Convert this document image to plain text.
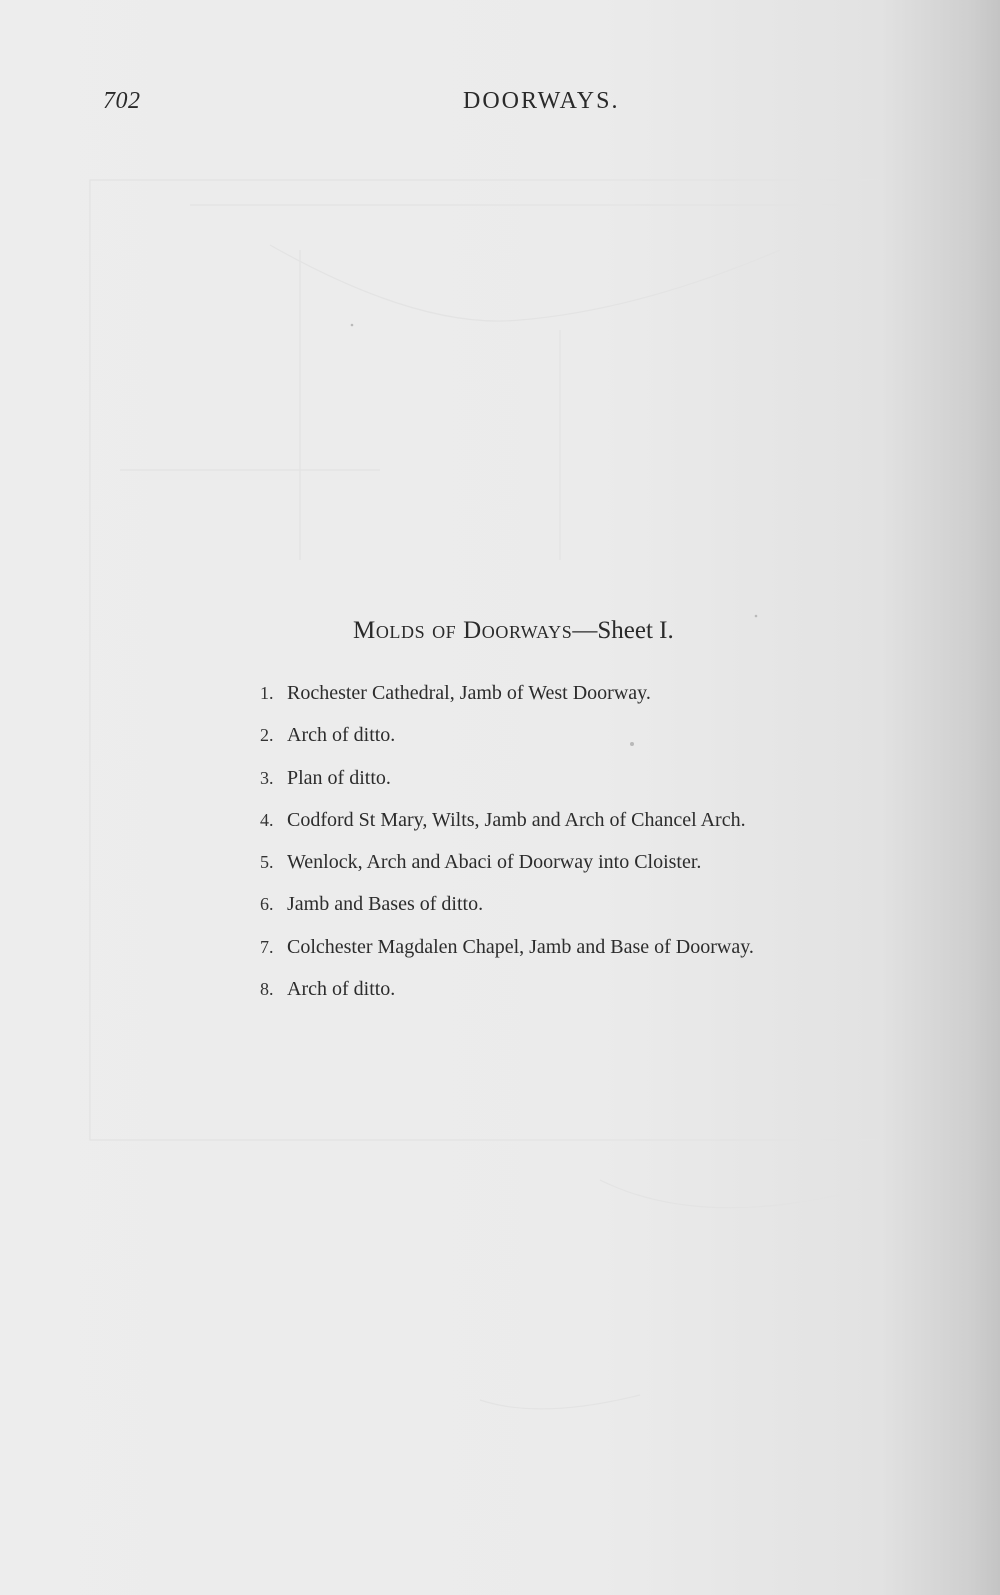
702	DOORWAYS.
Molds of Doorways—Sheet I.
1. Rochester Cathedral, Jamb of West Doorway.
2. Arch of ditto.
3. Plan of ditto.
4. Codford St Mary, Wilts, Jamb and Arch of Chancel Arch.
5. Wenlock, Arch and Abaci of Doorway into Cloister.
6. Jamb and Bases of ditto.
7. Colchester Magdalen Chapel, Jamb and Base of Doorway.
8. Arch of ditto.
